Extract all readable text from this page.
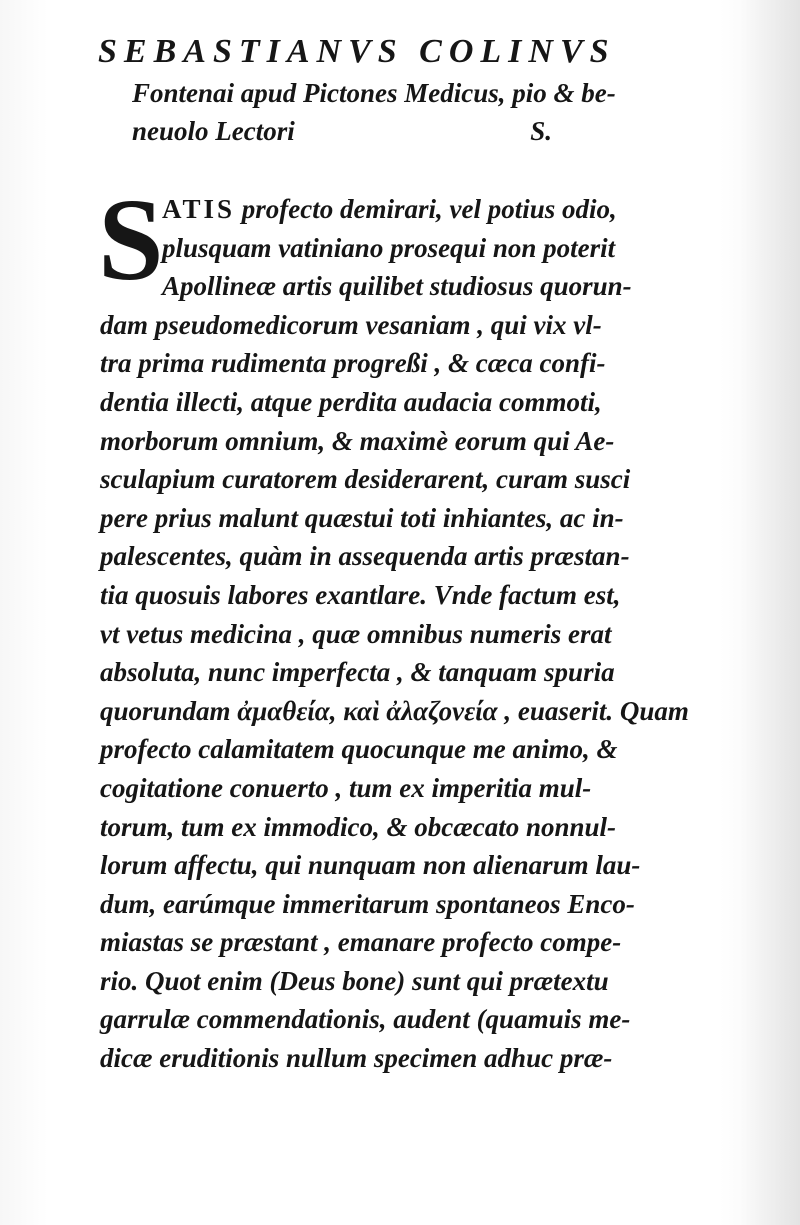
SEBASTIANVS COLINVS
Fontenai apud Pictones Medicus, pio & be-
neuolo Lectori	S.
S
ATIS profecto demirari, vel potius odio,
plusquam vatiniano prosequi non poterit
Apollineæ artis quilibet studiosus quorun-
dam pseudomedicorum vesaniam , qui vix vl-
tra prima rudimenta progreßi , & cæca confi-
dentia illecti, atque perdita audacia commoti,
morborum omnium, & maximè eorum qui Ae-
sculapium curatorem desiderarent, curam susci
pere prius malunt quæstui toti inhiantes, ac in-
palescentes, quàm in assequenda artis præstan-
tia quosuis labores exantlare. Vnde factum est,
vt vetus medicina , quæ omnibus numeris erat
absoluta, nunc imperfecta , & tanquam spuria
quorundam ἀμαθεία, καὶ ἀλαζονεία , euaserit. Quam
profecto calamitatem quocunque me animo, &
cogitatione conuerto , tum ex imperitia mul-
torum, tum ex immodico, & obcæcato nonnul-
lorum affectu, qui nunquam non alienarum lau-
dum, earúmque immeritarum spontaneos Enco-
miastas se præstant , emanare profecto compe-
rio. Quot enim (Deus bone) sunt qui prætextu
garrulæ commendationis, audent (quamuis me-
dicæ eruditionis nullum specimen adhuc præ-
